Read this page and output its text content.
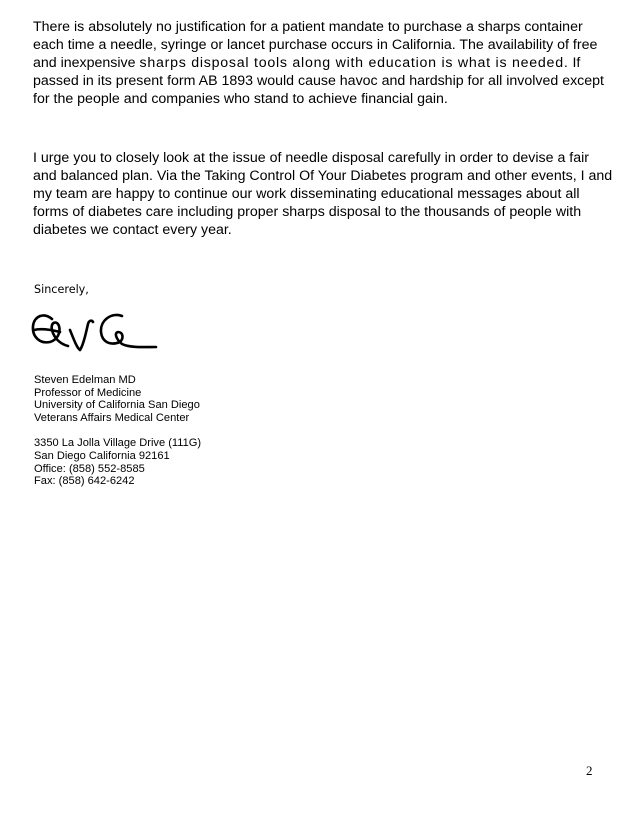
There is absolutely no justification for a patient mandate to purchase a sharps container each time a needle, syringe or lancet purchase occurs in California. The availability of free and inexpensive sharps disposal tools along with education is what is needed. If passed in its present form AB 1893 would cause havoc and hardship for all involved except for the people and companies who stand to achieve financial gain.

I urge you to closely look at the issue of needle disposal carefully in order to devise a fair and balanced plan. Via the Taking Control Of Your Diabetes program and other events, I and my team are happy to continue our work disseminating educational messages about all forms of diabetes care including proper sharps disposal to the thousands of people with diabetes we contact every year.

Sincerely,

Steven Edelman MD
Professor of Medicine
University of California San Diego
Veterans Affairs Medical Center
3350 La Jolla Village Drive (111G)
San Diego California 92161
Office: (858) 552-8585
Fax: (858) 642-6242
2
